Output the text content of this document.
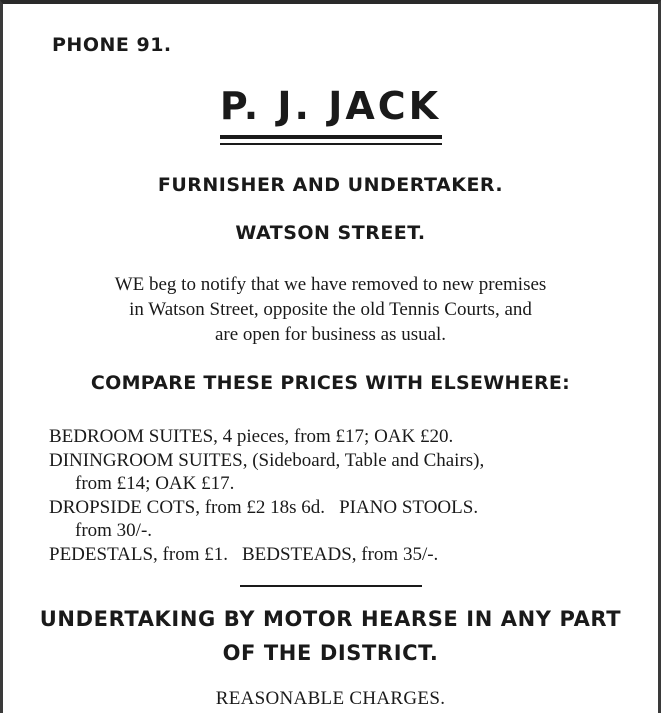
PHONE 91.
P. J. JACK
FURNISHER AND UNDERTAKER.
WATSON STREET.
WE beg to notify that we have removed to new premises
in Watson Street, opposite the old Tennis Courts, and
are open for business as usual.
COMPARE THESE PRICES WITH ELSEWHERE:
BEDROOM SUITES, 4 pieces, from £17; OAK £20.
DININGROOM SUITES, (Sideboard, Table and Chairs),
from £14; OAK £17.
DROPSIDE COTS, from £2 18s 6d. PIANO STOOLS.
from 30/-.
PEDESTALS, from £1. BEDSTEADS, from 35/-.
UNDERTAKING BY MOTOR HEARSE IN ANY PART
OF THE DISTRICT.
REASONABLE CHARGES.
